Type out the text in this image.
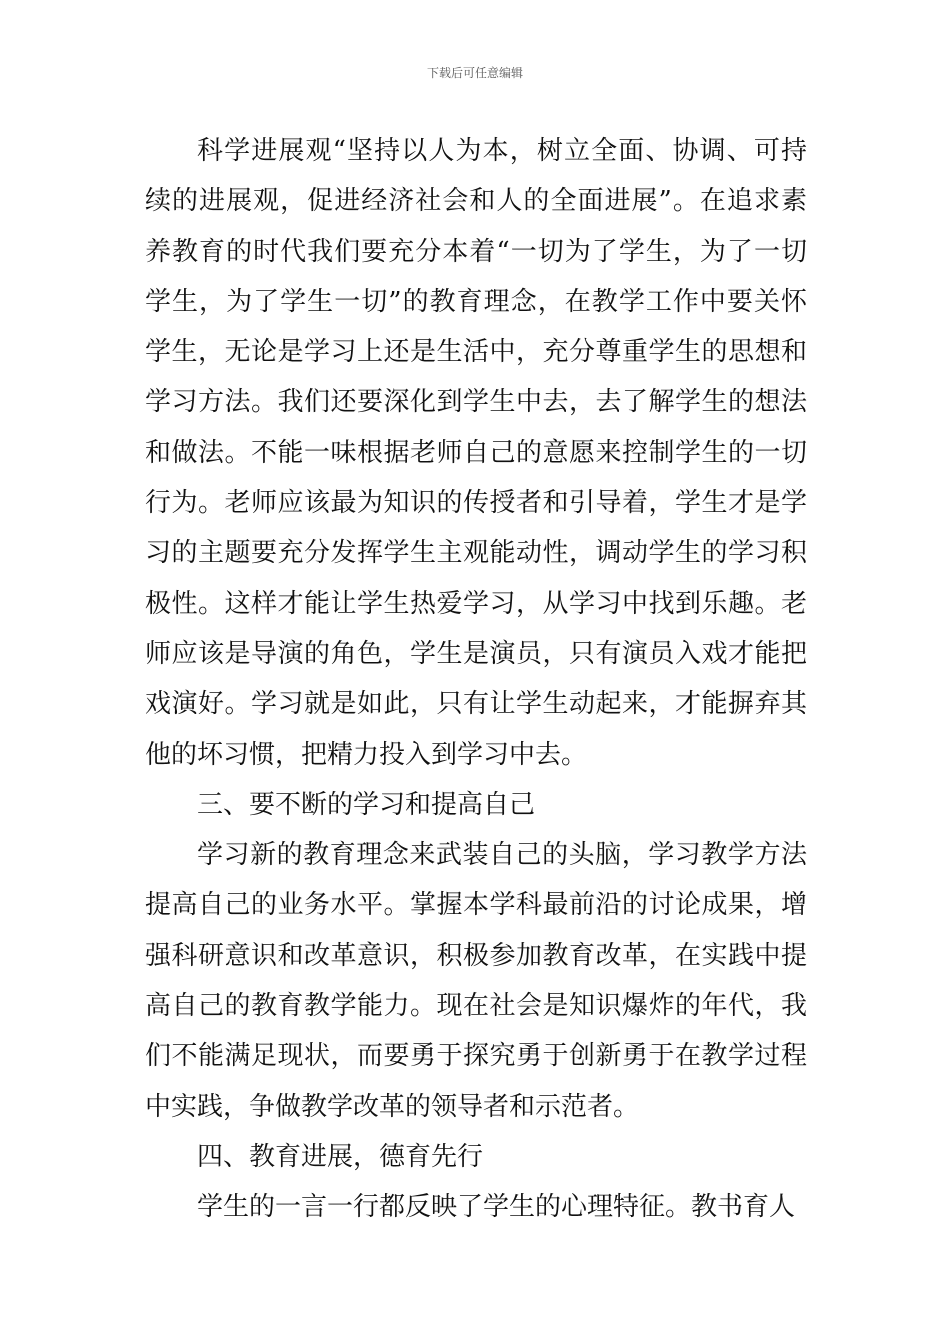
下载后可任意编辑

科学进展观“坚持以人为本，树立全面、协调、可持续的进展观，促进经济社会和人的全面进展”。在追求素养教育的时代我们要充分本着“一切为了学生，为了一切学生，为了学生一切”的教育理念，在教学工作中要关怀学生，无论是学习上还是生活中，充分尊重学生的思想和学习方法。我们还要深化到学生中去，去了解学生的想法和做法。不能一味根据老师自己的意愿来控制学生的一切行为。老师应该最为知识的传授者和引导着，学生才是学习的主题要充分发挥学生主观能动性，调动学生的学习积极性。这样才能让学生热爱学习，从学习中找到乐趣。老师应该是导演的角色，学生是演员，只有演员入戏才能把戏演好。学习就是如此，只有让学生动起来，才能摒弃其他的坏习惯，把精力投入到学习中去。

三、要不断的学习和提高自己

学习新的教育理念来武装自己的头脑，学习教学方法提高自己的业务水平。掌握本学科最前沿的讨论成果，增强科研意识和改革意识，积极参加教育改革，在实践中提高自己的教育教学能力。现在社会是知识爆炸的年代，我们不能满足现状，而要勇于探究勇于创新勇于在教学过程中实践，争做教学改革的领导者和示范者。

四、教育进展，德育先行

学生的一言一行都反映了学生的心理特征。教书育人
